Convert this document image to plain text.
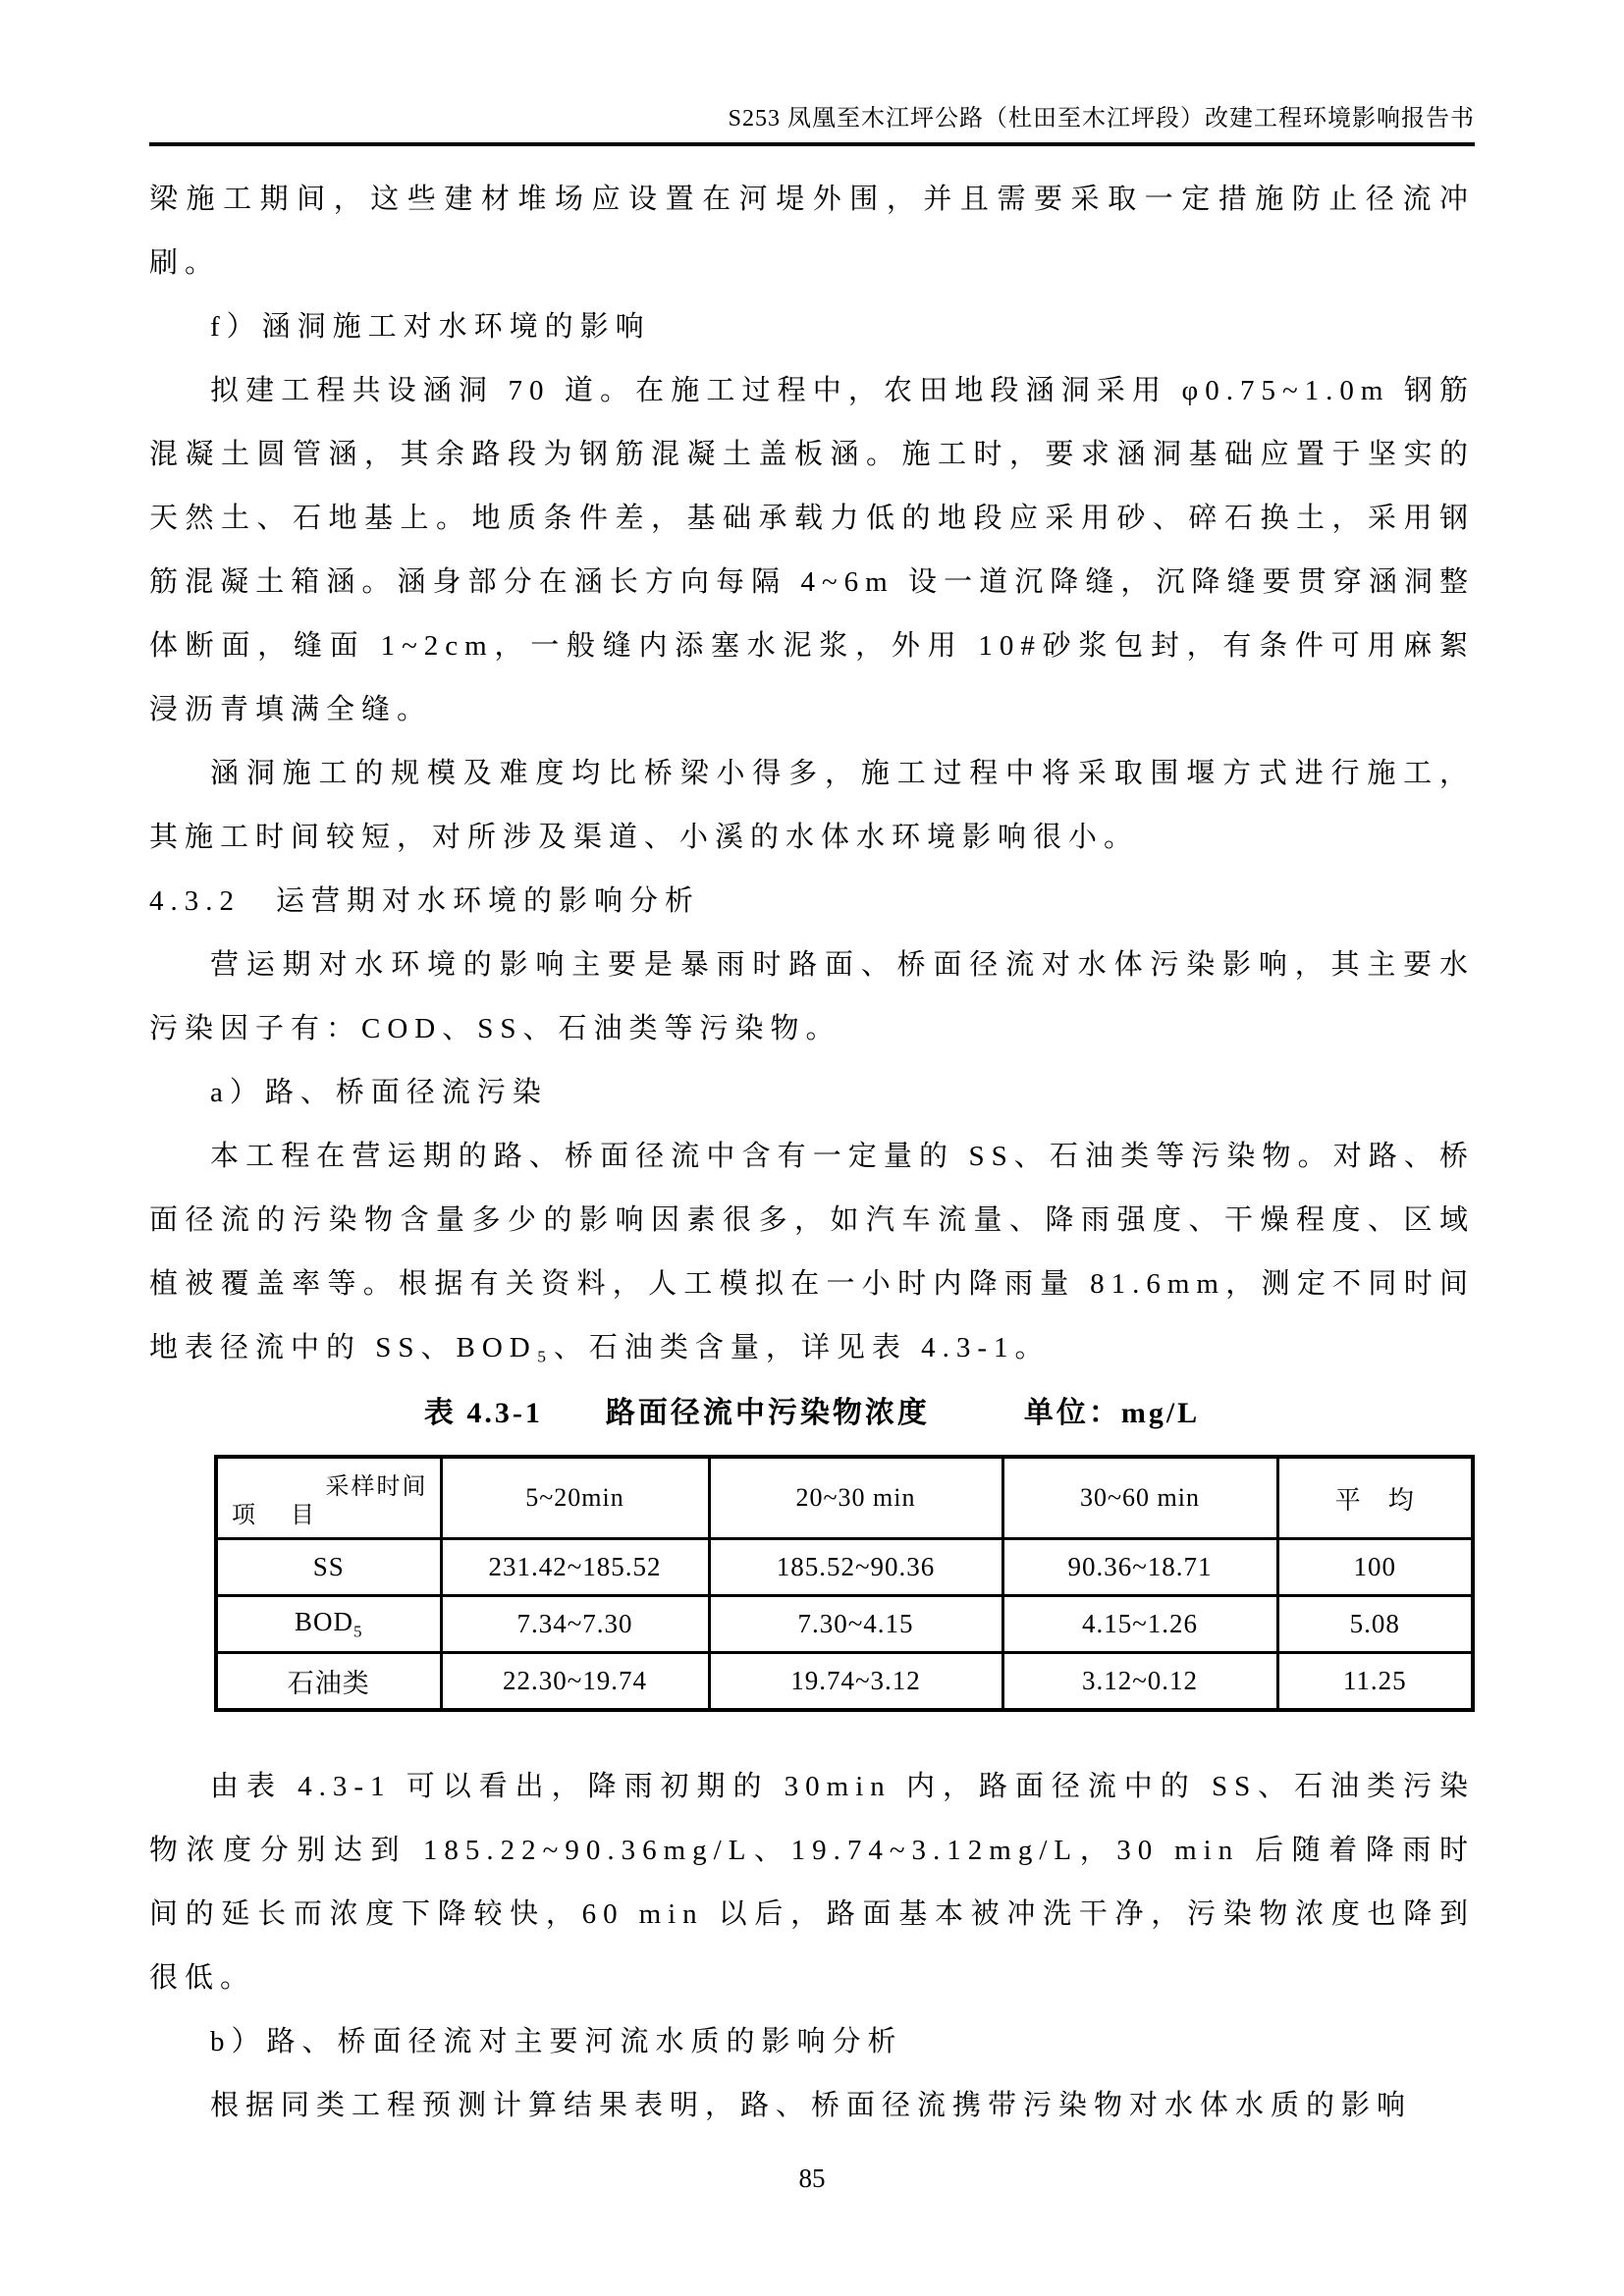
S253 凤凰至木江坪公路（杜田至木江坪段）改建工程环境影响报告书

梁施工期间，这些建材堆场应设置在河堤外围，并且需要采取一定措施防止径流冲刷。

f）涵洞施工对水环境的影响

拟建工程共设涵洞 70 道。在施工过程中，农田地段涵洞采用 φ0.75~1.0m 钢筋混凝土圆管涵，其余路段为钢筋混凝土盖板涵。施工时，要求涵洞基础应置于坚实的天然土、石地基上。地质条件差，基础承载力低的地段应采用砂、碎石换土，采用钢筋混凝土箱涵。涵身部分在涵长方向每隔 4~6m 设一道沉降缝，沉降缝要贯穿涵洞整体断面，缝面 1~2cm，一般缝内添塞水泥浆，外用 10#砂浆包封，有条件可用麻絮浸沥青填满全缝。

涵洞施工的规模及难度均比桥梁小得多，施工过程中将采取围堰方式进行施工，其施工时间较短，对所涉及渠道、小溪的水体水环境影响很小。

4.3.2　运营期对水环境的影响分析

营运期对水环境的影响主要是暴雨时路面、桥面径流对水体污染影响，其主要水污染因子有：COD、SS、石油类等污染物。

a）路、桥面径流污染

本工程在营运期的路、桥面径流中含有一定量的 SS、石油类等污染物。对路、桥面径流的污染物含量多少的影响因素很多，如汽车流量、降雨强度、干燥程度、区域植被覆盖率等。根据有关资料，人工模拟在一小时内降雨量 81.6mm，测定不同时间地表径流中的 SS、BOD₅、石油类含量，详见表 4.3-1。

表 4.3-1 路面径流中污染物浓度	单位：mg/L
采样时间
项　目	5~20min	20~30 min	30~60 min	平　均
SS	231.42~185.52	185.52~90.36	90.36~18.71	100
$BOD_5$	7.34~7.30	7.30~4.15	4.15~1.26	5.08
石油类	22.30~19.74	19.74~3.12	3.12~0.12	11.25

由表 4.3-1 可以看出，降雨初期的 30min 内，路面径流中的 SS、石油类污染物浓度分别达到 185.22~90.36mg/L、19.74~3.12mg/L，30 min 后随着降雨时间的延长而浓度下降较快，60 min 以后，路面基本被冲洗干净，污染物浓度也降到很低。

b）路、桥面径流对主要河流水质的影响分析

根据同类工程预测计算结果表明，路、桥面径流携带污染物对水体水质的影响

85
